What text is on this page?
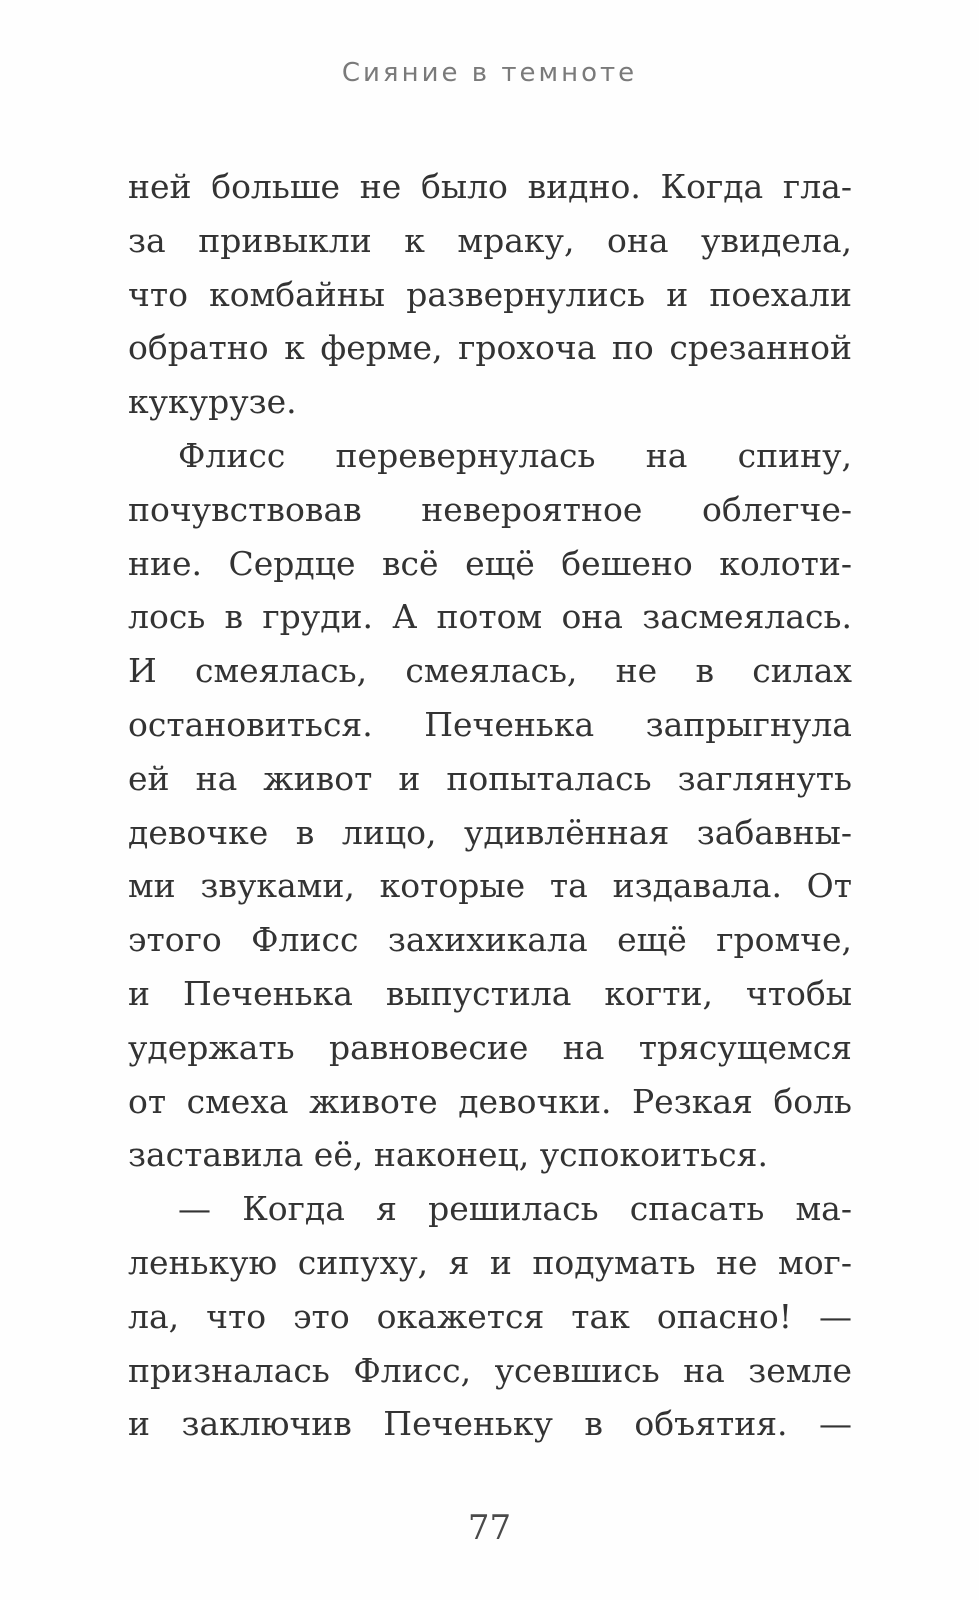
Сияние в темноте
ней больше не было видно. Когда гла-
за привыкли к мраку, она увидела,
что комбайны развернулись и поехали
обратно к ферме, грохоча по срезанной
кукурузе.
Флисс перевернулась на спину,
почувствовав невероятное облегче-
ние. Сердце всё ещё бешено колоти-
лось в груди. А потом она засмеялась.
И смеялась, смеялась, не в силах
остановиться. Печенька запрыгнула
ей на живот и попыталась заглянуть
девочке в лицо, удивлённая забавны-
ми звуками, которые та издавала. От
этого Флисс захихикала ещё громче,
и Печенька выпустила когти, чтобы
удержать равновесие на трясущемся
от смеха животе девочки. Резкая боль
заставила её, наконец, успокоиться.
— Когда я решилась спасать ма-
ленькую сипуху, я и подумать не мог-
ла, что это окажется так опасно! —
призналась Флисс, усевшись на земле
и заключив Печеньку в объятия. —
77
